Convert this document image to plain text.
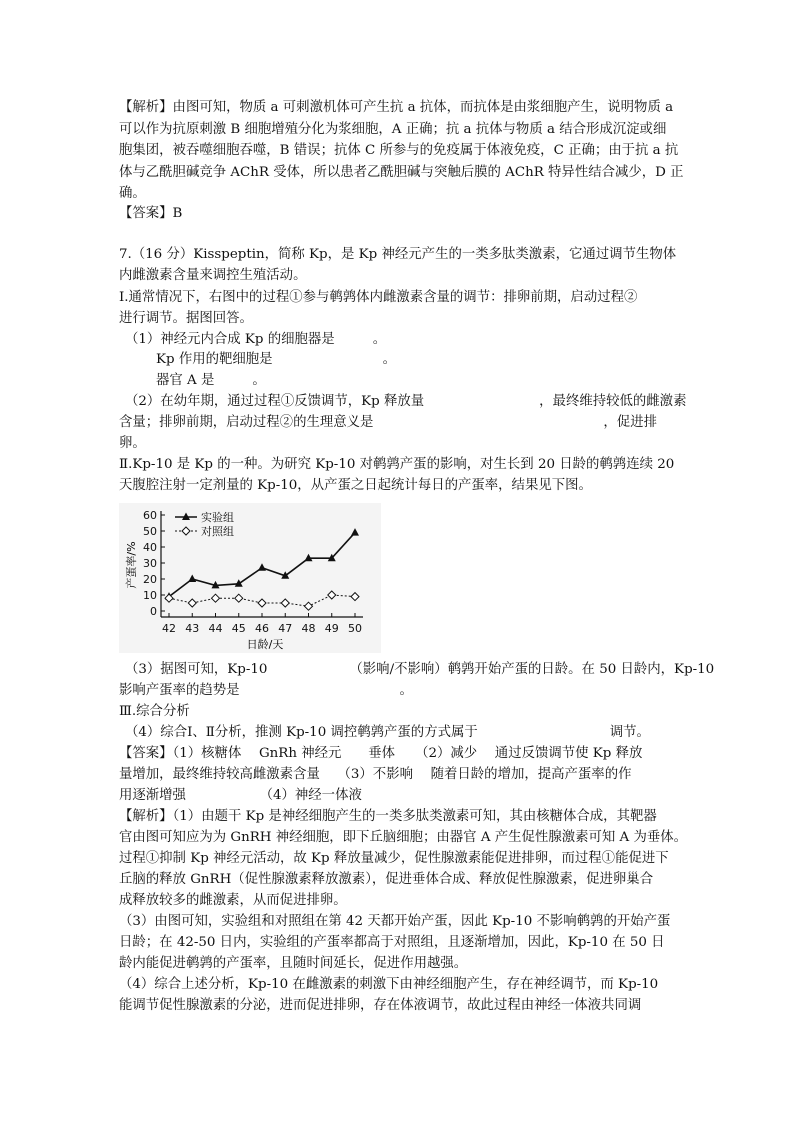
【解析】由图可知，物质 a 可刺激机体可产生抗 a 抗体，而抗体是由浆细胞产生，说明物质 a
可以作为抗原刺激 B 细胞增殖分化为浆细胞，A 正确；抗 a 抗体与物质 a 结合形成沉淀或细
胞集团，被吞噬细胞吞噬，B 错误；抗体 C 所参与的免疫属于体液免疫，C 正确；由于抗 a 抗
体与乙酰胆碱竞争 AChR 受体，所以患者乙酰胆碱与突触后膜的 AChR 特异性结合减少，D 正
确。
【答案】B
7.（16 分）Kisspeptin，简称 Kp，是 Kp 神经元产生的一类多肽类激素，它通过调节生物体
内雌激素含量来调控生殖活动。
Ⅰ.通常情况下，右图中的过程①参与鹌鹑体内雌激素含量的调节：排卵前期，启动过程②
进行调节。据图回答。
（1）神经元内合成 Kp 的细胞器是	。
Kp 作用的靶细胞是	。
器官 A 是	。
（2）在幼年期，通过过程①反馈调节，Kp 释放量	，最终维持较低的雌激素
含量；排卵前期，启动过程②的生理意义是	，促进排
卵。
Ⅱ.Kp-10 是 Kp 的一种。为研究 Kp-10 对鹌鹑产蛋的影响，对生长到 20 日龄的鹌鹑连续 20
天腹腔注射一定剂量的 Kp-10，从产蛋之日起统计每日的产蛋率，结果见下图。
0
10
20
30
40
50
60
42 43 44 45 46 47 48 49 50
实验组
对照组
产蛋率/%
日龄/天
（3）据图可知，Kp-10	（影响/不影响）鹌鹑开始产蛋的日龄。在 50 日龄内，Kp-10
影响产蛋率的趋势是	。
Ⅲ.综合分析
（4）综合Ⅰ、Ⅱ分析，推测 Kp-10 调控鹌鹑产蛋的方式属于	调节。
【答案】（1）核糖体　 GnRh 神经元　　垂体　　（2）减少　 通过反馈调节使 Kp 释放
量增加，最终维持较高雌激素含量　 （3）不影响　 随着日龄的增加，提高产蛋率的作
用逐渐增强　　　　　　（4）神经一体液
【解析】（1）由题干 Kp 是神经细胞产生的一类多肽类激素可知，其由核糖体合成，其靶器
官由图可知应为为 GnRH 神经细胞，即下丘脑细胞；由器官 A 产生促性腺激素可知 A 为垂体。
过程①抑制 Kp 神经元活动，故 Kp 释放量减少，促性腺激素能促进排卵，而过程①能促进下
丘脑的释放 GnRH（促性腺激素释放激素），促进垂体合成、释放促性腺激素，促进卵巢合
成释放较多的雌激素，从而促进排卵。
（3）由图可知，实验组和对照组在第 42 天都开始产蛋，因此 Kp-10 不影响鹌鹑的开始产蛋
日龄；在 42-50 日内，实验组的产蛋率都高于对照组，且逐渐增加，因此，Kp-10 在 50 日
龄内能促进鹌鹑的产蛋率，且随时间延长，促进作用越强。
（4）综合上述分析，Kp-10 在雌激素的刺激下由神经细胞产生，存在神经调节，而 Kp-10
能调节促性腺激素的分泌，进而促进排卵，存在体液调节，故此过程由神经一体液共同调
